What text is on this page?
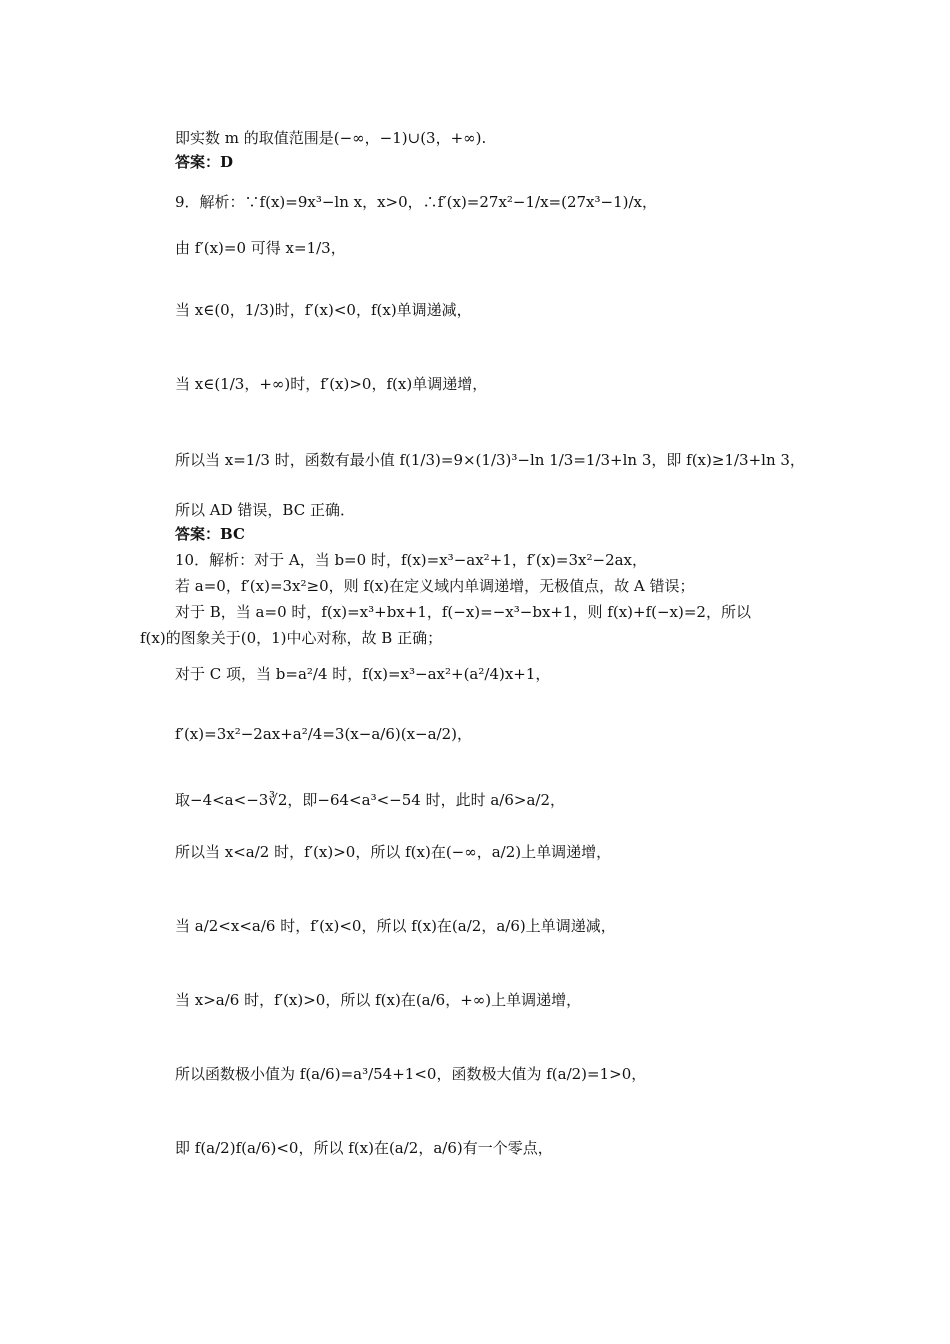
即实数 m 的取值范围是(−∞，−1)∪(3，+∞).
答案：D
9．解析：∵f(x)=9x³−ln x，x>0，∴f′(x)=27x²−1/x=(27x³−1)/x，
由 f′(x)=0 可得 x=1/3，
当 x∈(0，1/3)时，f′(x)<0，f(x)单调递减，
当 x∈(1/3，+∞)时，f′(x)>0，f(x)单调递增，
所以当 x=1/3 时，函数有最小值 f(1/3)=9×(1/3)³−ln 1/3=1/3+ln 3，即 f(x)≥1/3+ln 3，
所以 AD 错误，BC 正确．
答案：BC
10．解析：对于 A，当 b=0 时，f(x)=x³−ax²+1，f′(x)=3x²−2ax，
若 a=0，f′(x)=3x²≥0，则 f(x)在定义域内单调递增，无极值点，故 A 错误；
对于 B，当 a=0 时，f(x)=x³+bx+1，f(−x)=−x³−bx+1，则 f(x)+f(−x)=2，所以
f(x)的图象关于(0，1)中心对称，故 B 正确；
对于 C 项，当 b=a²/4 时，f(x)=x³−ax²+(a²/4)x+1，
f′(x)=3x²−2ax+a²/4=3(x−a/6)(x−a/2)，
取−4<a<−3∛2，即−64<a³<−54 时，此时 a/6>a/2，
所以当 x<a/2 时，f′(x)>0，所以 f(x)在(−∞，a/2)上单调递增，
当 a/2<x<a/6 时，f′(x)<0，所以 f(x)在(a/2，a/6)上单调递减，
当 x>a/6 时，f′(x)>0，所以 f(x)在(a/6，+∞)上单调递增，
所以函数极小值为 f(a/6)=a³/54+1<0，函数极大值为 f(a/2)=1>0，
即 f(a/2)f(a/6)<0，所以 f(x)在(a/2，a/6)有一个零点，
